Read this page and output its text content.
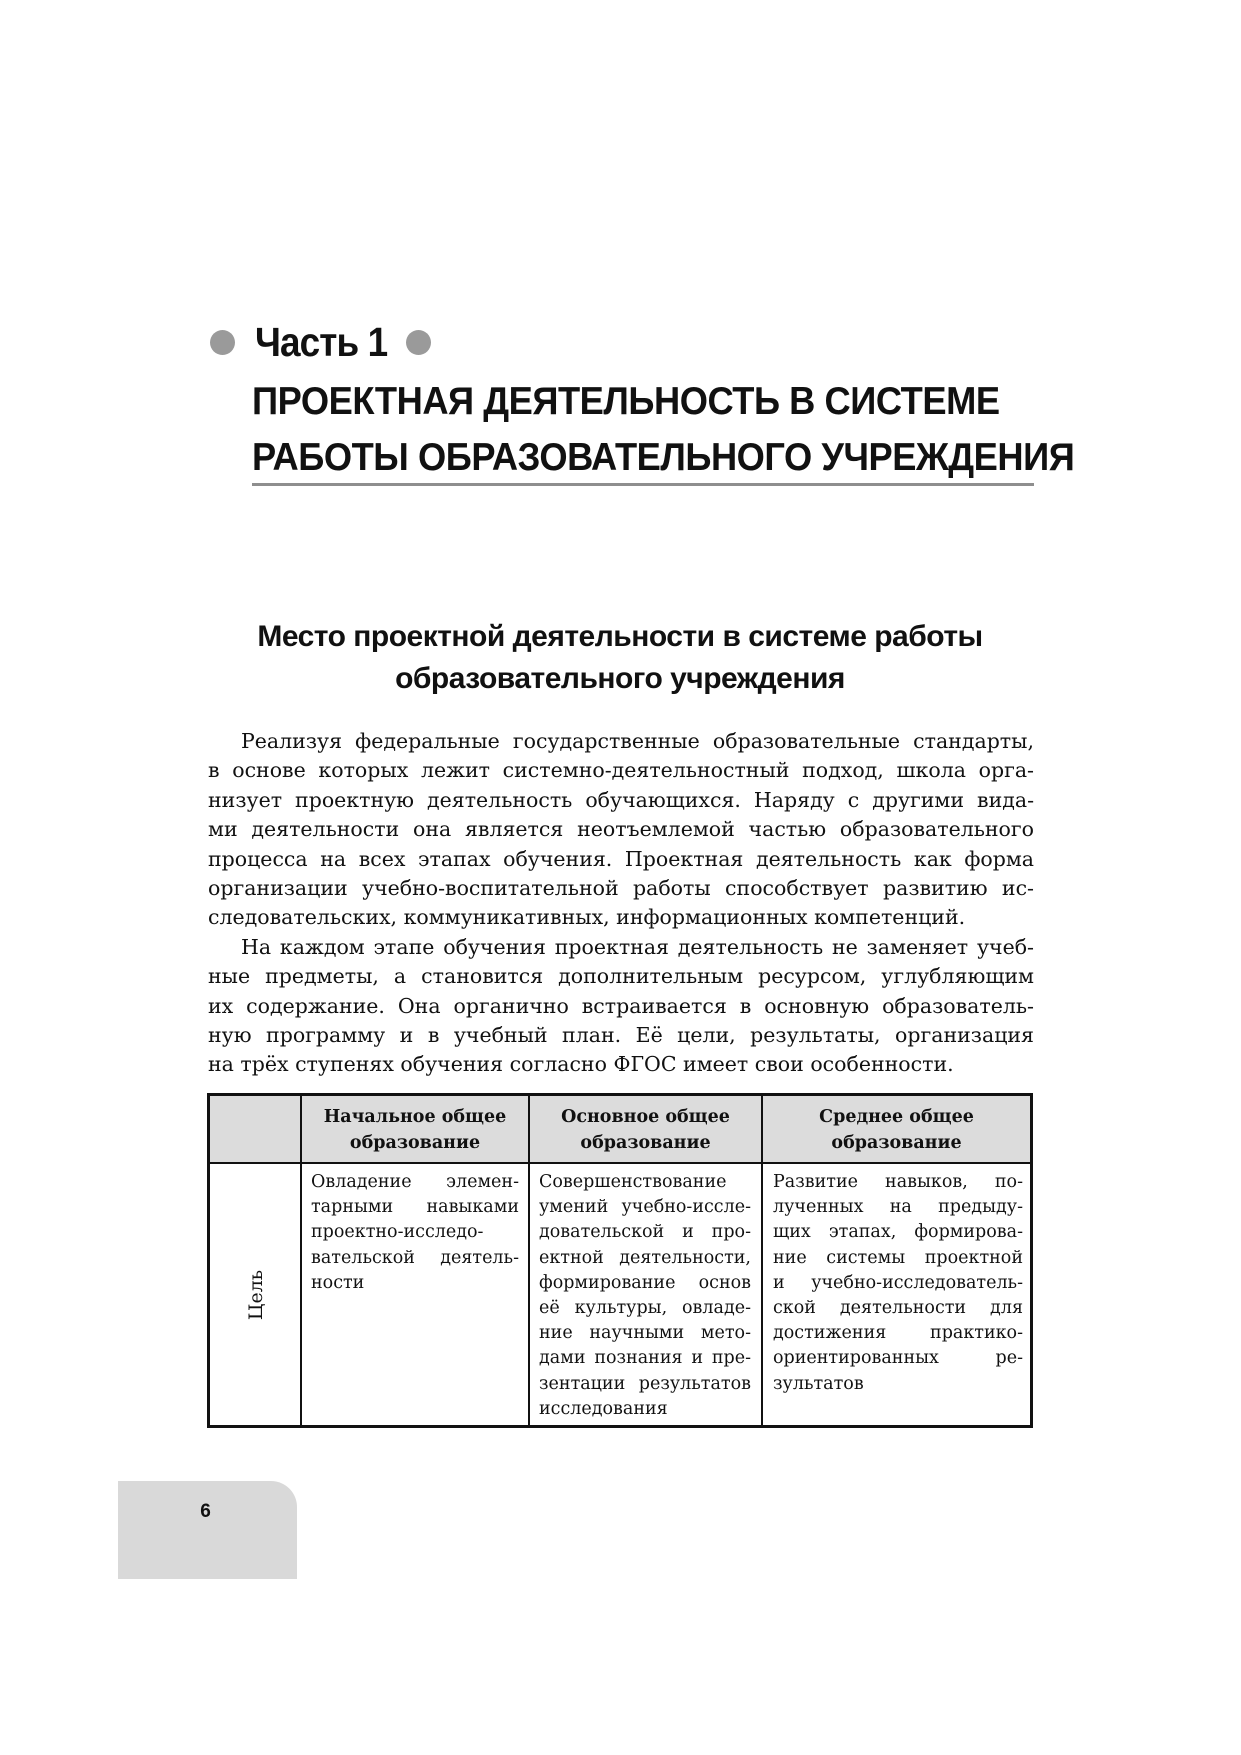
Часть 1
ПРОЕКТНАЯ ДЕЯТЕЛЬНОСТЬ В СИСТЕМЕ
РАБОТЫ ОБРАЗОВАТЕЛЬНОГО УЧРЕЖДЕНИЯ
Место проектной деятельности в системе работы
образовательного учреждения
Реализуя федеральные государственные образовательные стандарты,
в основе которых лежит системно-деятельностный подход, школа орга-
низует проектную деятельность обучающихся. Наряду с другими вида-
ми деятельности она является неотъемлемой частью образовательного
процесса на всех этапах обучения. Проектная деятельность как форма
организации учебно-воспитательной работы способствует развитию ис-
следовательских, коммуникативных, информационных компетенций.
На каждом этапе обучения проектная деятельность не заменяет учеб-
ные предметы, а становится дополнительным ресурсом, углубляющим
их содержание. Она органично встраивается в основную образователь-
ную программу и в учебный план. Её цели, результаты, организация
на трёх ступенях обучения согласно ФГОС имеет свои особенности.
Начальное общее
образование
Основное общее
образование
Среднее общее
образование
Цель
Овладение элемен-
тарными навыками
проектно-исследо-
вательской деятель-
ности
Совершенствование
умений учебно-иссле-
довательской и про-
ектной деятельности,
формирование основ
её культуры, овладе-
ние научными мето-
дами познания и пре-
зентации результатов
исследования
Развитие навыков, по-
лученных на предыду-
щих этапах, формирова-
ние системы проектной
и учебно-исследователь-
ской деятельности для
достижения практико-
ориентированных ре-
зультатов
6
